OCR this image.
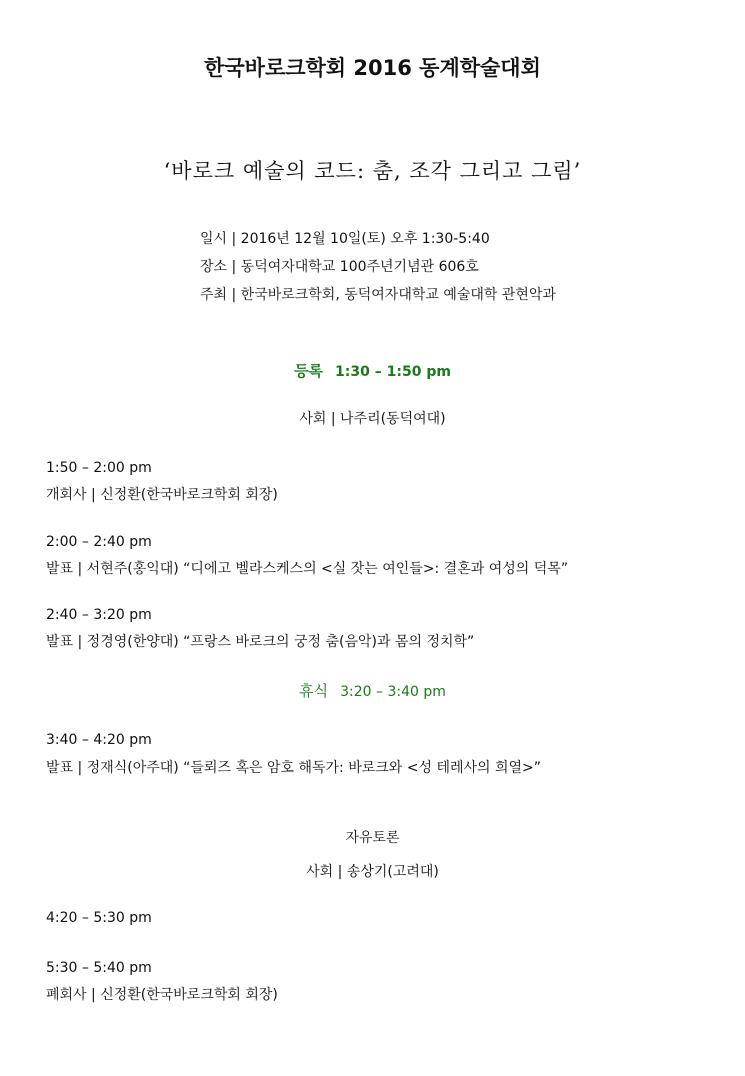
한국바로크학회 2016 동계학술대회
‘바로크 예술의 코드: 춤, 조각 그리고 그림’
일시 | 2016년 12월 10일(토) 오후 1:30-5:40
장소 | 동덕여자대학교 100주년기념관 606호
주최 | 한국바로크학회, 동덕여자대학교 예술대학 관현악과
등록 1:30 – 1:50 pm
사회 | 나주리(동덕여대)
1:50 – 2:00 pm
개회사 | 신정환(한국바로크학회 회장)
2:00 – 2:40 pm
발표 | 서현주(홍익대) “디에고 벨라스케스의 <실 잣는 여인들>: 결혼과 여성의 덕목”
2:40 – 3:20 pm
발표 | 정경영(한양대) “프랑스 바로크의 궁정 춤(음악)과 몸의 정치학”
휴식 3:20 – 3:40 pm
3:40 – 4:20 pm
발표 | 정재식(아주대) “들뢰즈 혹은 암호 해독가: 바로크와 <성 테레사의 희열>”
자유토론
사회 | 송상기(고려대)
4:20 – 5:30 pm
5:30 – 5:40 pm
폐회사 | 신정환(한국바로크학회 회장)
